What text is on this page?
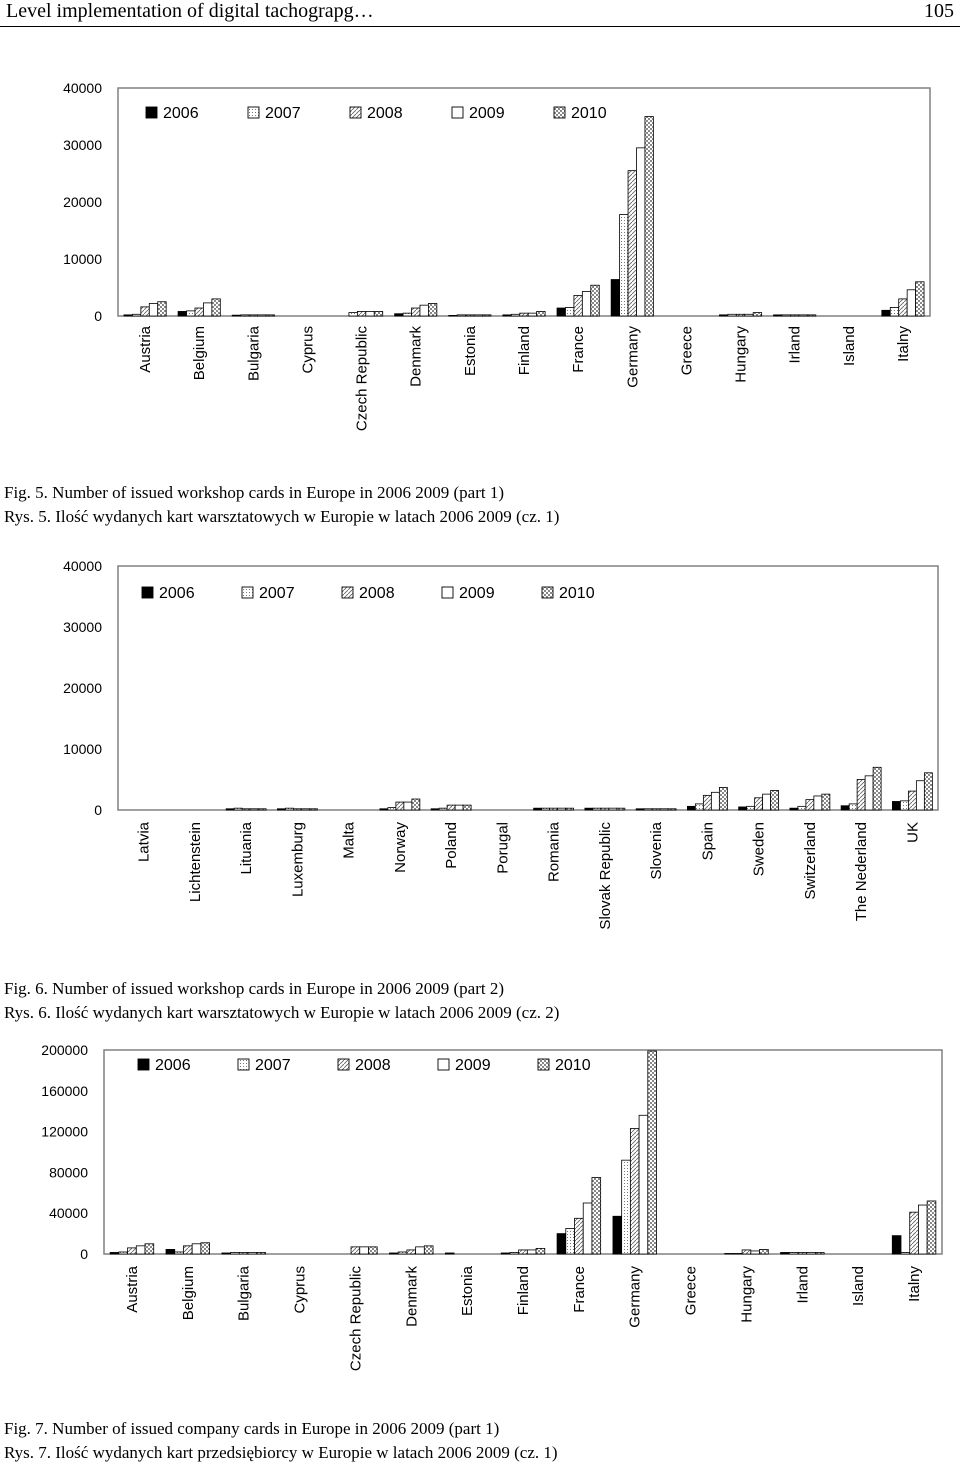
Level implementation of digital tachograpg…	105
0
10000
20000
30000
40000
Austria Belgium Bulgaria Cyprus Czech Republic Denmark Estonia Finland France Germany Greece Hungary Irland Island Italny
2006	2007	2008	2009	2010
Fig. 5. Number of issued workshop cards in Europe in 2006 2009 (part 1)
Rys. 5. Ilość wydanych kart warsztatowych w Europie w latach 2006 2009 (cz. 1)
0
10000
20000
30000
40000
Latvia Lichtenstein Lituania Luxemburg Malta Norway Poland Porugal Romania Slovak Republic Slovenia Spain Sweden Switzerland The Nederland UK
2006	2007	2008	2009	2010
Fig. 6. Number of issued workshop cards in Europe in 2006 2009 (part 2)
Rys. 6. Ilość wydanych kart warsztatowych w Europie w latach 2006 2009 (cz. 2)
0
40000
80000
120000
160000
200000
Austria	Belgium	Bulgaria	Cyprus	Czech Republic	Denmark	Estonia	Finland	France	Germany	Greece	Hungary	Irland	Island	Italny
2006	2007	2008	2009	2010
Fig. 7. Number of issued company cards in Europe in 2006 2009 (part 1)
Rys. 7. Ilość wydanych kart przedsiębiorcy w Europie w latach 2006 2009 (cz. 1)
